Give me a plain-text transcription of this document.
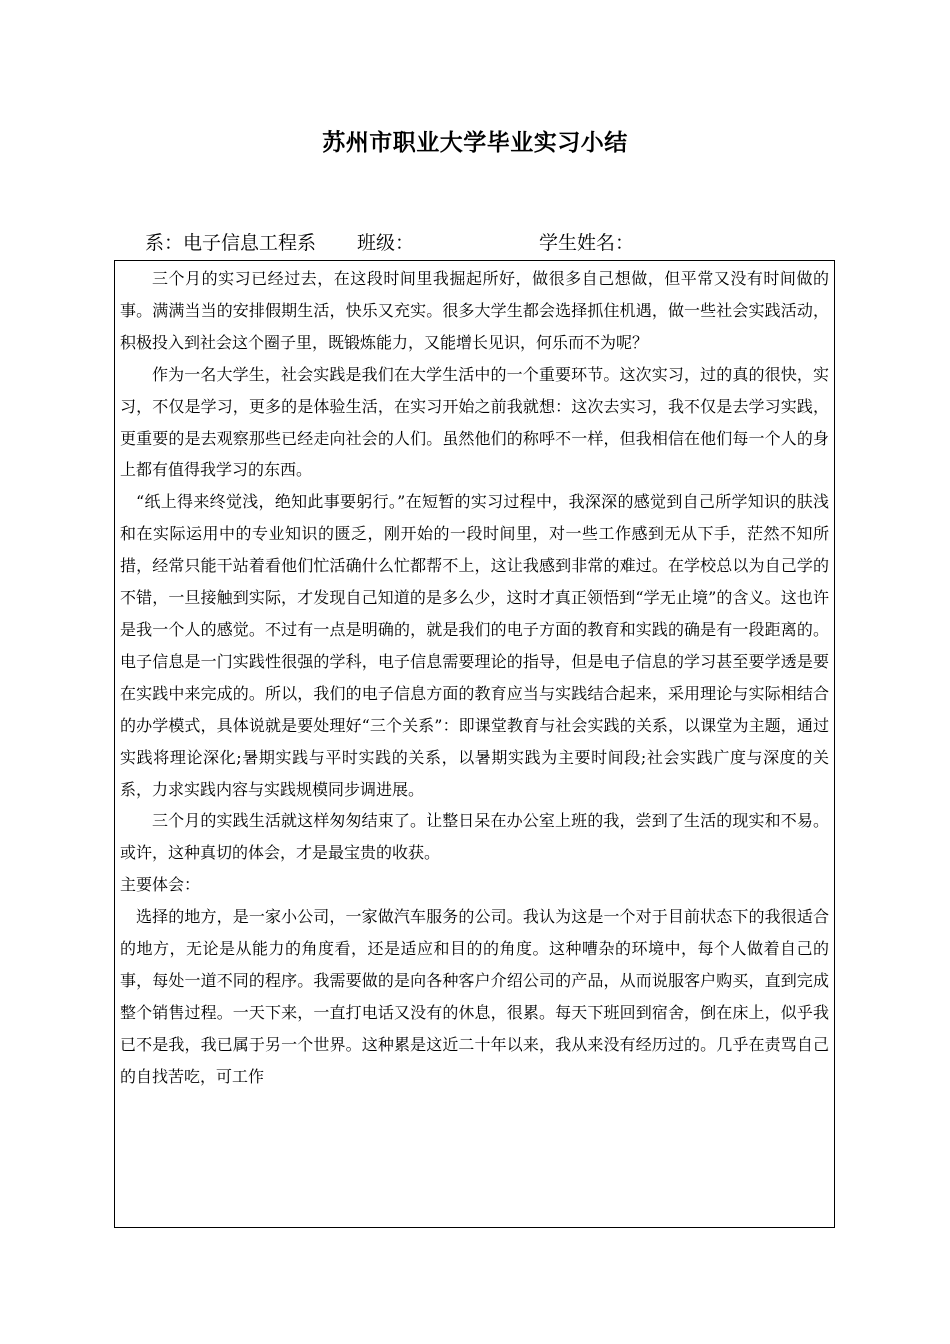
苏州市职业大学毕业实习小结
系：电子信息工程系 班级：	学生姓名：

三个月的实习已经过去，在这段时间里我掘起所好，做很多自己想做，但平常又没有时间做的事。满满当当的安排假期生活，快乐又充实。很多大学生都会选择抓住机遇，做一些社会实践活动，积极投入到社会这个圈子里，既锻炼能力，又能增长见识，何乐而不为呢？

作为一名大学生，社会实践是我们在大学生活中的一个重要环节。这次实习，过的真的很快，实习，不仅是学习，更多的是体验生活，在实习开始之前我就想：这次去实习，我不仅是去学习实践，更重要的是去观察那些已经走向社会的人们。虽然他们的称呼不一样，但我相信在他们每一个人的身上都有值得我学习的东西。

“纸上得来终觉浅，绝知此事要躬行。”在短暂的实习过程中，我深深的感觉到自己所学知识的肤浅和在实际运用中的专业知识的匮乏，刚开始的一段时间里，对一些工作感到无从下手，茫然不知所措，经常只能干站着看他们忙活确什么忙都帮不上，这让我感到非常的难过。在学校总以为自己学的不错，一旦接触到实际，才发现自己知道的是多么少，这时才真正领悟到“学无止境”的含义。这也许是我一个人的感觉。不过有一点是明确的，就是我们的电子方面的教育和实践的确是有一段距离的。电子信息是一门实践性很强的学科，电子信息需要理论的指导，但是电子信息的学习甚至要学透是要在实践中来完成的。所以，我们的电子信息方面的教育应当与实践结合起来，采用理论与实际相结合的办学模式，具体说就是要处理好“三个关系”：即课堂教育与社会实践的关系，以课堂为主题，通过实践将理论深化;暑期实践与平时实践的关系，以暑期实践为主要时间段;社会实践广度与深度的关系，力求实践内容与实践规模同步调进展。

三个月的实践生活就这样匆匆结束了。让整日呆在办公室上班的我，尝到了生活的现实和不易。或许，这种真切的体会，才是最宝贵的收获。

主要体会：

选择的地方，是一家小公司，一家做汽车服务的公司。我认为这是一个对于目前状态下的我很适合的地方，无论是从能力的角度看，还是适应和目的的角度。这种嘈杂的环境中，每个人做着自己的事，每处一道不同的程序。我需要做的是向各种客户介绍公司的产品，从而说服客户购买，直到完成整个销售过程。一天下来，一直打电话又没有的休息，很累。每天下班回到宿舍，倒在床上，似乎我已不是我，我已属于另一个世界。这种累是这近二十年以来，我从来没有经历过的。几乎在责骂自己的自找苦吃，可工作
